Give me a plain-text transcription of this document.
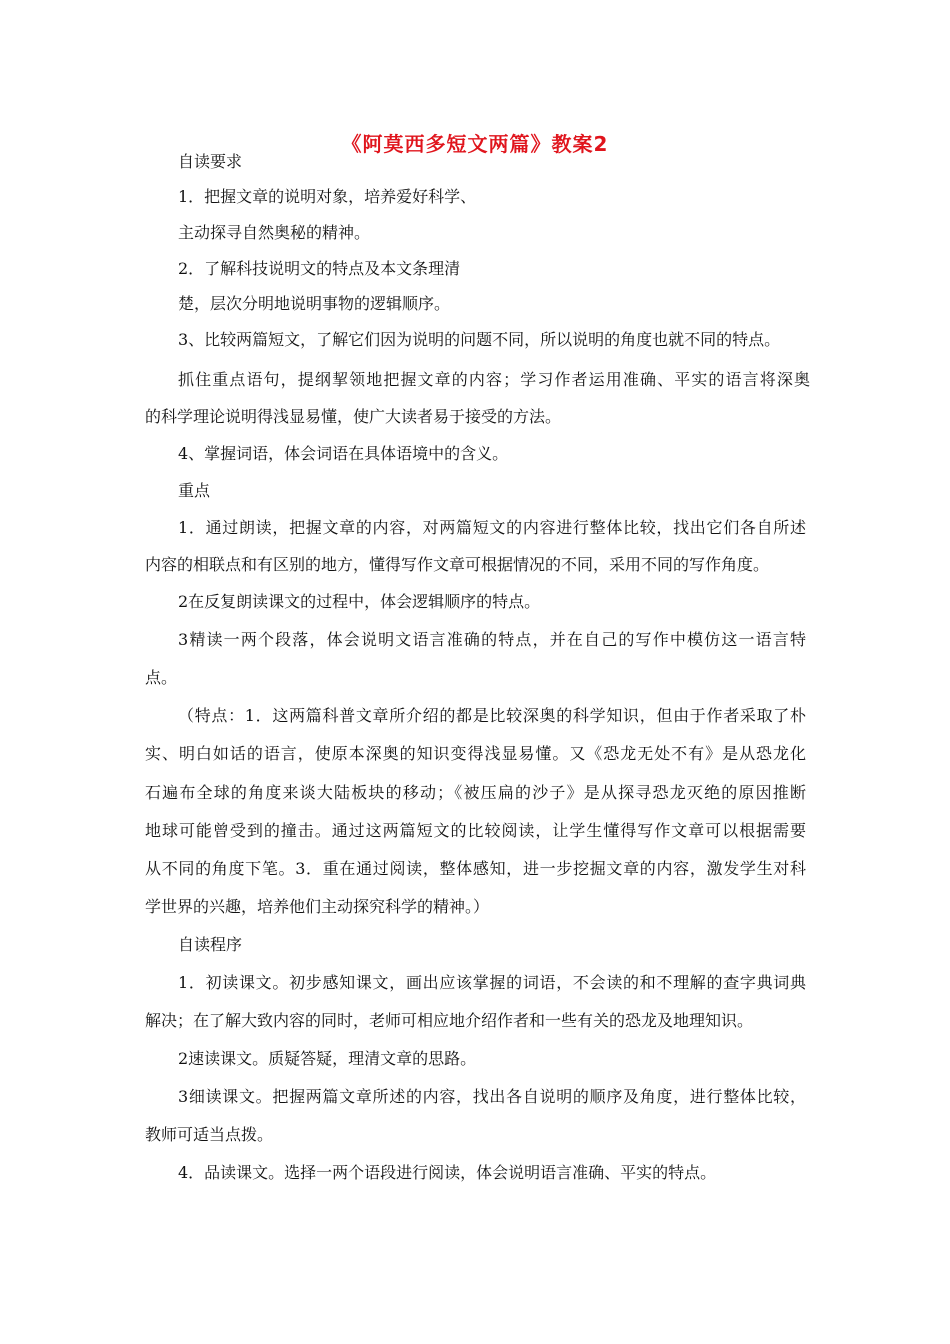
《阿莫西多短文两篇》教案2

自读要求

1．把握文章的说明对象，培养爱好科学、

主动探寻自然奥秘的精神。

2．了解科技说明文的特点及本文条理清

楚，层次分明地说明事物的逻辑顺序。

3、比较两篇短文，了解它们因为说明的问题不同，所以说明的角度也就不同的特点。

抓住重点语句，提纲挈领地把握文章的内容；学习作者运用准确、平实的语言将深奥

的科学理论说明得浅显易懂，使广大读者易于接受的方法。

4、掌握词语，体会词语在具体语境中的含义。

重点

1．通过朗读，把握文章的内容，对两篇短文的内容进行整体比较，找出它们各自所述

内容的相联点和有区别的地方，懂得写作文章可根据情况的不同，采用不同的写作角度。

2在反复朗读课文的过程中，体会逻辑顺序的特点。

3精读一两个段落，体会说明文语言准确的特点，并在自己的写作中模仿这一语言特

点。

（特点：1．这两篇科普文章所介绍的都是比较深奥的科学知识，但由于作者采取了朴

实、明白如话的语言，使原本深奥的知识变得浅显易懂。又《恐龙无处不有》是从恐龙化

石遍布全球的角度来谈大陆板块的移动；《被压扁的沙子》是从探寻恐龙灭绝的原因推断

地球可能曾受到的撞击。通过这两篇短文的比较阅读，让学生懂得写作文章可以根据需要

从不同的角度下笔。3．重在通过阅读，整体感知，进一步挖掘文章的内容，激发学生对科

学世界的兴趣，培养他们主动探究科学的精神。）

自读程序

1．初读课文。初步感知课文，画出应该掌握的词语，不会读的和不理解的查字典词典

解决；在了解大致内容的同时，老师可相应地介绍作者和一些有关的恐龙及地理知识。

2速读课文。质疑答疑，理清文章的思路。

3细读课文。把握两篇文章所述的内容，找出各自说明的顺序及角度，进行整体比较，

教师可适当点拨。

4．品读课文。选择一两个语段进行阅读，体会说明语言准确、平实的特点。
